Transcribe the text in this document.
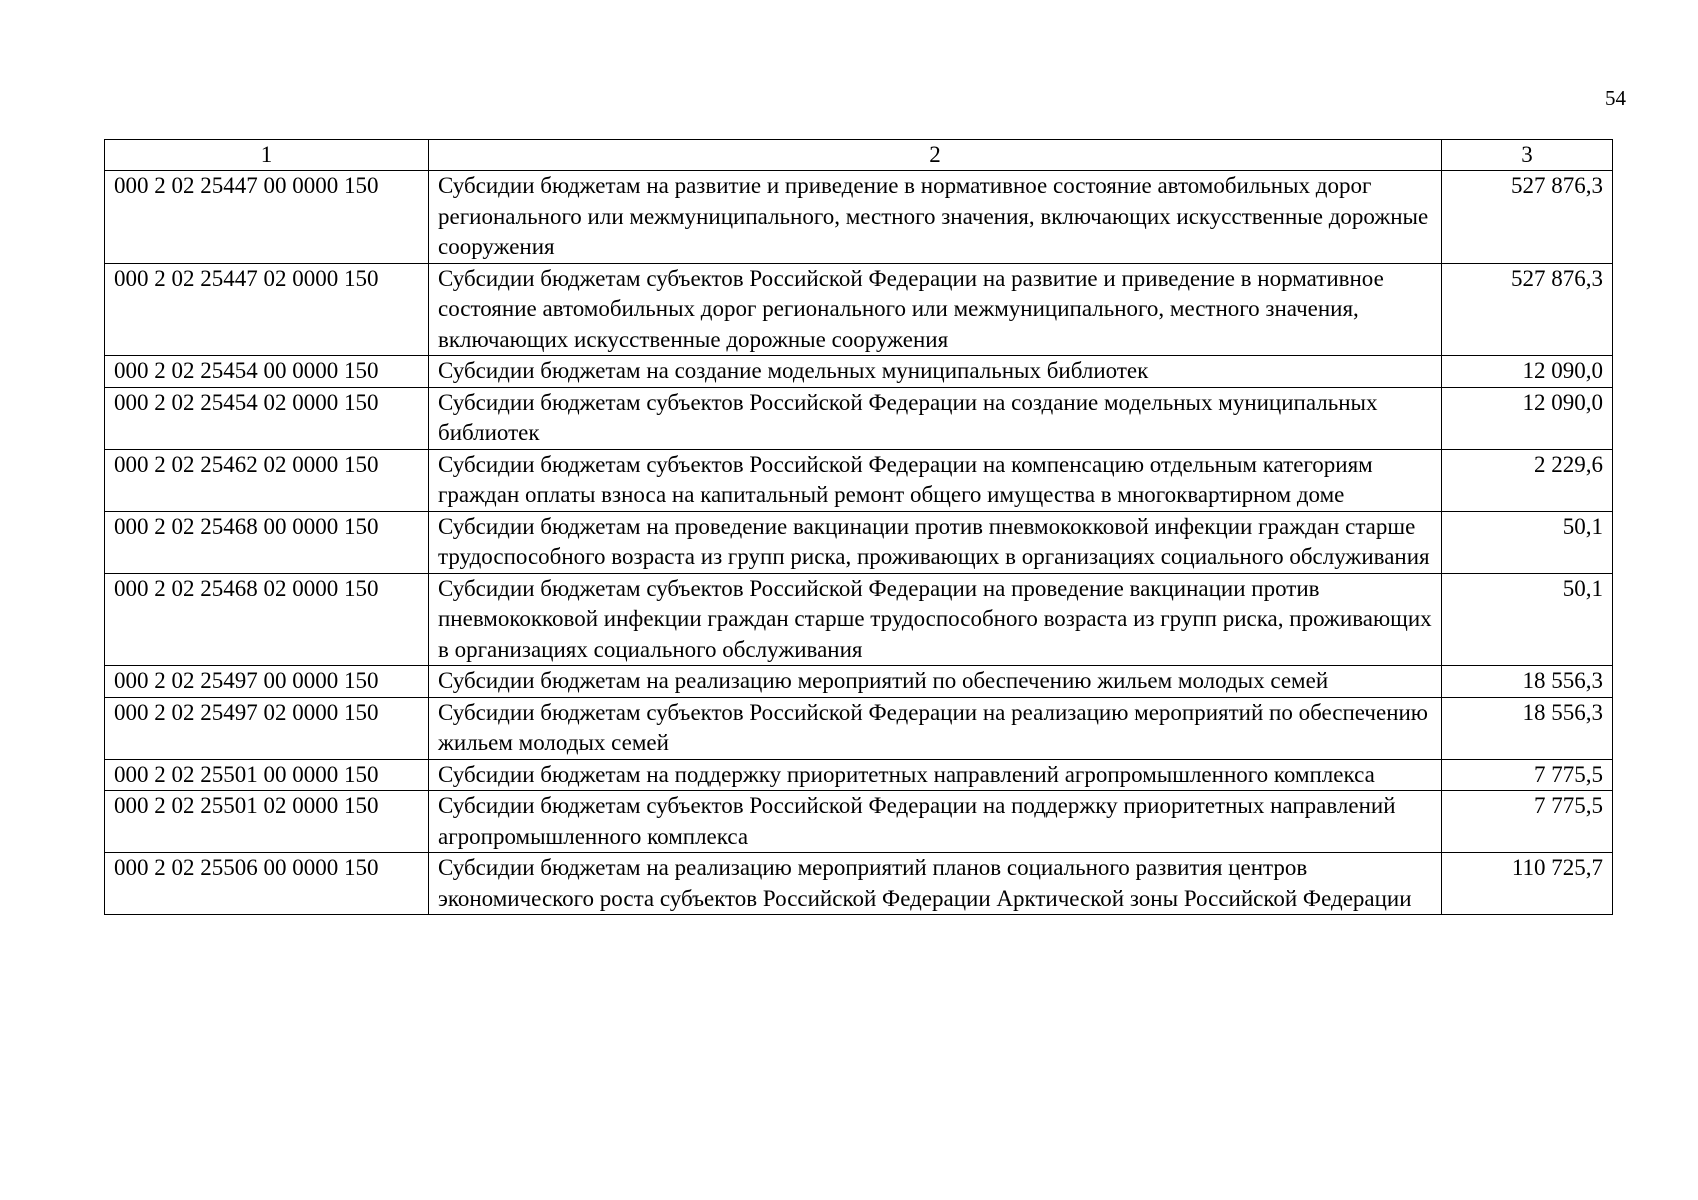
54
1	2	3
000 2 02 25447 00 0000 150	Субсидии бюджетам на развитие и приведение в нормативное состояние автомобильных дорог регионального или межмуниципального, местного значения, включающих искусственные дорожные сооружения	527 876,3
000 2 02 25447 02 0000 150	Субсидии бюджетам субъектов Российской Федерации на развитие и приведение в нормативное состояние автомобильных дорог регионального или межмуниципального, местного значения, включающих искусственные дорожные сооружения	527 876,3
000 2 02 25454 00 0000 150	Субсидии бюджетам на создание модельных муниципальных библиотек	12 090,0
000 2 02 25454 02 0000 150	Субсидии бюджетам субъектов Российской Федерации на создание модельных муниципальных библиотек	12 090,0
000 2 02 25462 02 0000 150	Субсидии бюджетам субъектов Российской Федерации на компенсацию отдельным категориям граждан оплаты взноса на капитальный ремонт общего имущества в многоквартирном доме	2 229,6
000 2 02 25468 00 0000 150	Субсидии бюджетам на проведение вакцинации против пневмококковой инфекции граждан старше трудоспособного возраста из групп риска, проживающих в организациях социального обслуживания	50,1
000 2 02 25468 02 0000 150	Субсидии бюджетам субъектов Российской Федерации на проведение вакцинации против пневмококковой инфекции граждан старше трудоспособного возраста из групп риска, проживающих в организациях социального обслуживания	50,1
000 2 02 25497 00 0000 150	Субсидии бюджетам на реализацию мероприятий по обеспечению жильем молодых семей	18 556,3
000 2 02 25497 02 0000 150	Субсидии бюджетам субъектов Российской Федерации на реализацию мероприятий по обеспечению жильем молодых семей	18 556,3
000 2 02 25501 00 0000 150	Субсидии бюджетам на поддержку приоритетных направлений агропромышленного комплекса	7 775,5
000 2 02 25501 02 0000 150	Субсидии бюджетам субъектов Российской Федерации на поддержку приоритетных направлений агропромышленного комплекса	7 775,5
000 2 02 25506 00 0000 150	Субсидии бюджетам на реализацию мероприятий планов социального развития центров экономического роста субъектов Российской Федерации Арктической зоны Российской Федерации	110 725,7
